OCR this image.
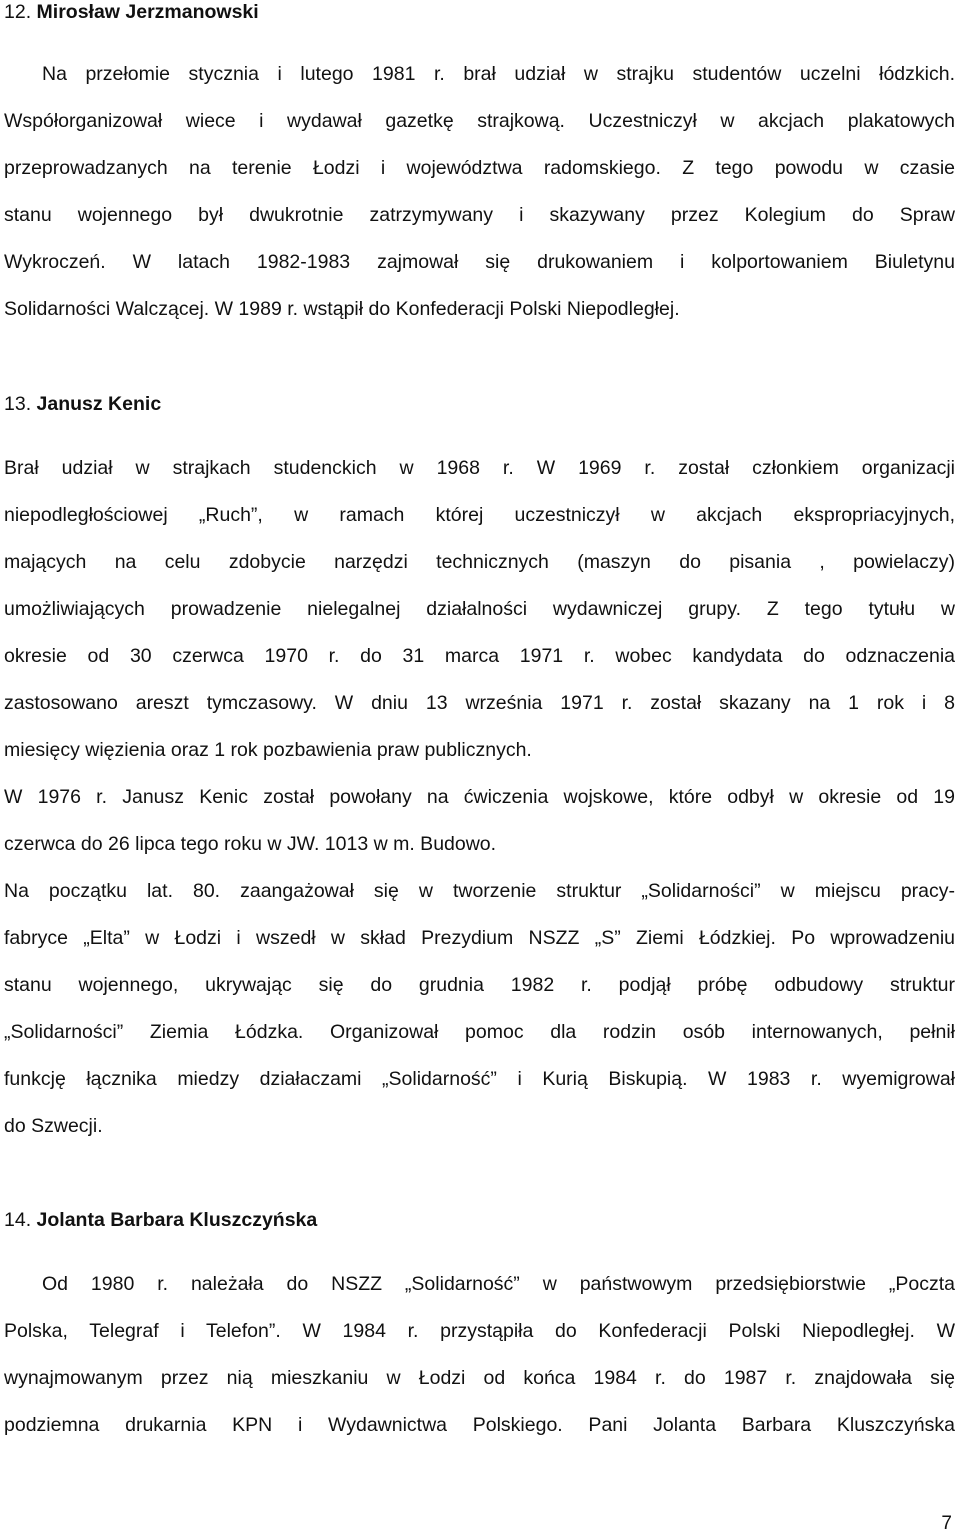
12. Mirosław Jerzmanowski
Na przełomie stycznia i lutego 1981 r. brał udział w strajku studentów uczelni łódzkich.
Współorganizował wiece i wydawał gazetkę strajkową. Uczestniczył w akcjach plakatowych
przeprowadzanych na terenie Łodzi i województwa radomskiego. Z tego powodu w czasie
stanu wojennego był dwukrotnie zatrzymywany i skazywany przez Kolegium do Spraw
Wykroczeń. W latach 1982-1983 zajmował się drukowaniem i kolportowaniem Biuletynu
Solidarności Walczącej. W 1989 r. wstąpił do Konfederacji Polski Niepodległej.
13. Janusz Kenic
Brał udział w strajkach studenckich w 1968 r. W 1969 r. został członkiem organizacji
niepodległościowej „Ruch”, w ramach której uczestniczył w akcjach ekspropriacyjnych,
mających na celu zdobycie narzędzi technicznych (maszyn do pisania , powielaczy)
umożliwiających prowadzenie nielegalnej działalności wydawniczej grupy. Z tego tytułu w
okresie od 30 czerwca 1970 r. do 31 marca 1971 r. wobec kandydata do odznaczenia
zastosowano areszt tymczasowy. W dniu 13 września 1971 r. został skazany na 1 rok i 8
miesięcy więzienia oraz 1 rok pozbawienia praw publicznych.
W 1976 r. Janusz Kenic został powołany na ćwiczenia wojskowe, które odbył w okresie od 19
czerwca do 26 lipca tego roku w JW. 1013 w m. Budowo.
Na początku lat. 80. zaangażował się w tworzenie struktur „Solidarności” w miejscu pracy-
fabryce „Elta” w Łodzi i wszedł w skład Prezydium NSZZ „S” Ziemi Łódzkiej. Po wprowadzeniu
stanu wojennego, ukrywając się do grudnia 1982 r. podjął próbę odbudowy struktur
„Solidarności” Ziemia Łódzka. Organizował pomoc dla rodzin osób internowanych, pełnił
funkcję łącznika miedzy działaczami „Solidarność” i Kurią Biskupią. W 1983 r. wyemigrował
do Szwecji.
14. Jolanta Barbara Kluszczyńska
Od 1980 r. należała do NSZZ „Solidarność” w państwowym przedsiębiorstwie „Poczta
Polska, Telegraf i Telefon”. W 1984 r. przystąpiła do Konfederacji Polski Niepodległej. W
wynajmowanym przez nią mieszkaniu w Łodzi od końca 1984 r. do 1987 r. znajdowała się
podziemna drukarnia KPN i Wydawnictwa Polskiego. Pani Jolanta Barbara Kluszczyńska
7
